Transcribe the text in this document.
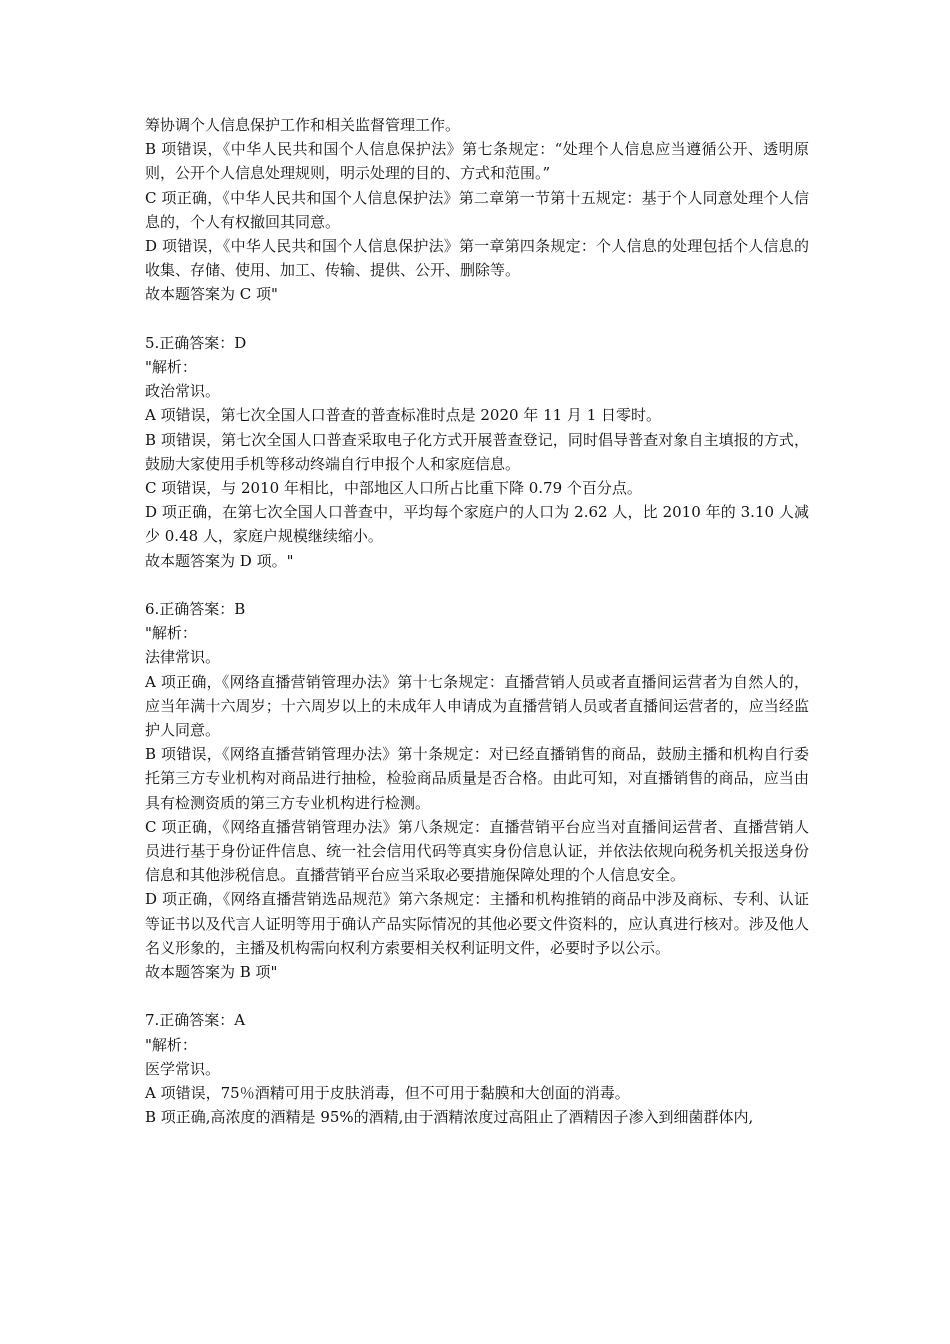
筹协调个人信息保护工作和相关监督管理工作。

B 项错误，《中华人民共和国个人信息保护法》第七条规定：“处理个人信息应当遵循公开、透明原则，公开个人信息处理规则，明示处理的目的、方式和范围。”

C 项正确，《中华人民共和国个人信息保护法》第二章第一节第十五规定：基于个人同意处理个人信息的，个人有权撤回其同意。

D 项错误，《中华人民共和国个人信息保护法》第一章第四条规定：个人信息的处理包括个人信息的收集、存储、使用、加工、传输、提供、公开、删除等。

故本题答案为 C 项"

5.正确答案：D

"解析：

政治常识。

A 项错误，第七次全国人口普查的普查标准时点是 2020 年 11 月 1 日零时。

B 项错误，第七次全国人口普查采取电子化方式开展普查登记，同时倡导普查对象自主填报的方式，鼓励大家使用手机等移动终端自行申报个人和家庭信息。

C 项错误，与 2010 年相比，中部地区人口所占比重下降 0.79 个百分点。

D 项正确，在第七次全国人口普查中，平均每个家庭户的人口为 2.62 人，比 2010 年的 3.10 人减少 0.48 人，家庭户规模继续缩小。

故本题答案为 D 项。"

6.正确答案：B

"解析：

法律常识。

A 项正确，《网络直播营销管理办法》第十七条规定：直播营销人员或者直播间运营者为自然人的，应当年满十六周岁；十六周岁以上的未成年人申请成为直播营销人员或者直播间运营者的，应当经监护人同意。

B 项错误，《网络直播营销管理办法》第十条规定：对已经直播销售的商品，鼓励主播和机构自行委托第三方专业机构对商品进行抽检，检验商品质量是否合格。由此可知，对直播销售的商品，应当由具有检测资质的第三方专业机构进行检测。

C 项正确，《网络直播营销管理办法》第八条规定：直播营销平台应当对直播间运营者、直播营销人员进行基于身份证件信息、统一社会信用代码等真实身份信息认证，并依法依规向税务机关报送身份信息和其他涉税信息。直播营销平台应当采取必要措施保障处理的个人信息安全。

D 项正确，《网络直播营销选品规范》第六条规定：主播和机构推销的商品中涉及商标、专利、认证等证书以及代言人证明等用于确认产品实际情况的其他必要文件资料的，应认真进行核对。涉及他人名义形象的，主播及机构需向权利方索要相关权利证明文件，必要时予以公示。

故本题答案为 B 项"

7.正确答案：A

"解析：

医学常识。

A 项错误，75％酒精可用于皮肤消毒，但不可用于黏膜和大创面的消毒。

B 项正确,高浓度的酒精是 95%的酒精,由于酒精浓度过高阻止了酒精因子渗入到细菌群体内,
